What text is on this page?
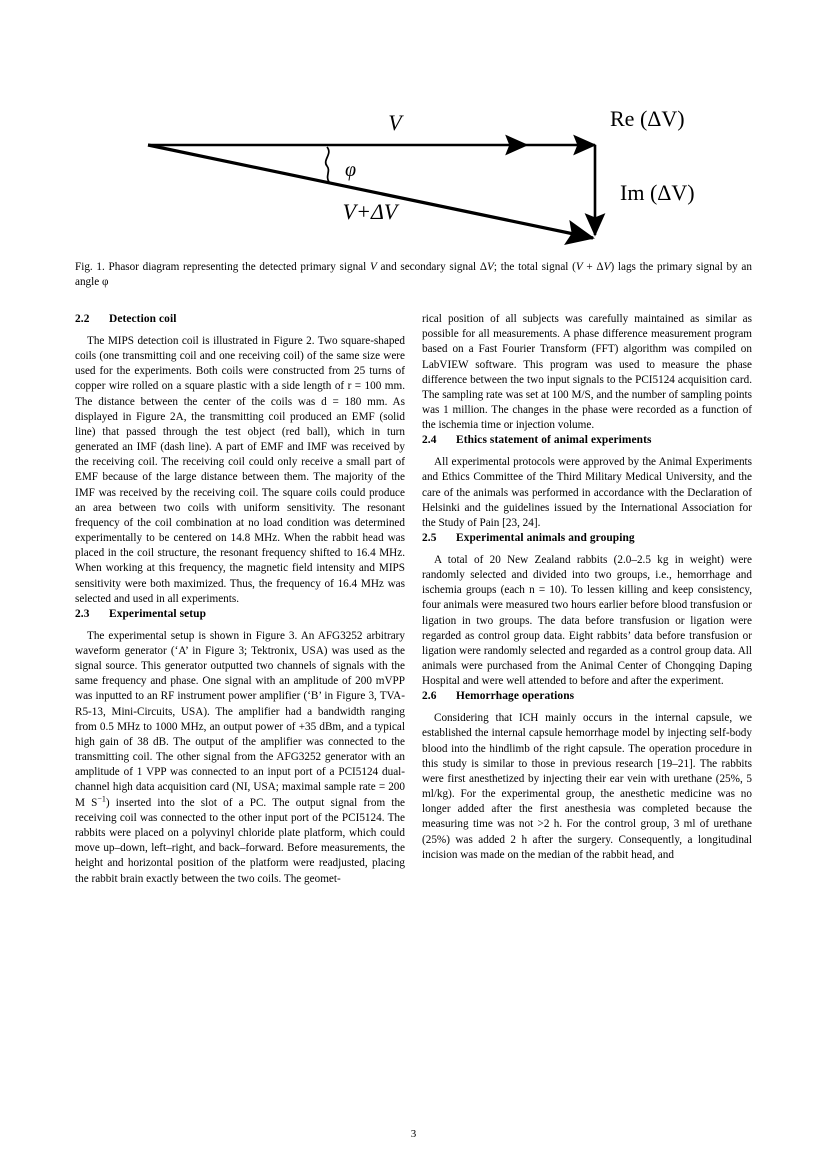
V	Re (ΔV)
Im (ΔV)
V+ΔV
φ
Fig. 1. Phasor diagram representing the detected primary signal V and secondary signal ΔV; the total signal (V + ΔV) lags the primary signal by an angle φ
2.2 Detection coil

The MIPS detection coil is illustrated in Figure 2. Two square-shaped coils (one transmitting coil and one receiving coil) of the same size were used for the experiments. Both coils were constructed from 25 turns of copper wire rolled on a square plastic with a side length of r = 100 mm. The distance between the center of the coils was d = 180 mm. As displayed in Figure 2A, the transmitting coil produced an EMF (solid line) that passed through the test object (red ball), which in turn generated an IMF (dash line). A part of EMF and IMF was received by the receiving coil. The receiving coil could only receive a small part of EMF because of the large distance between them. The majority of the IMF was received by the receiving coil. The square coils could produce an area between two coils with uniform sensitivity. The resonant frequency of the coil combination at no load condition was determined experimentally to be centered on 14.8 MHz. When the rabbit head was placed in the coil structure, the resonant frequency shifted to 16.4 MHz. When working at this frequency, the magnetic field intensity and MIPS sensitivity were both maximized. Thus, the frequency of 16.4 MHz was selected and used in all experiments.

2.3 Experimental setup

The experimental setup is shown in Figure 3. An AFG3252 arbitrary waveform generator (‘A’ in Figure 3; Tektronix, USA) was used as the signal source. This generator outputted two channels of signals with the same frequency and phase. One signal with an amplitude of 200 mVPP was inputted to an RF instrument power amplifier (‘B’ in Figure 3, TVA-R5-13, Mini-Circuits, USA). The amplifier had a bandwidth ranging from 0.5 MHz to 1000 MHz, an output power of +35 dBm, and a typical high gain of 38 dB. The output of the amplifier was connected to the transmitting coil. The other signal from the AFG3252 generator with an amplitude of 1 VPP was connected to an input port of a PCI5124 dual-channel high data acquisition card (NI, USA; maximal sample rate = 200 M $S^{-1}$) inserted into the slot of a PC. The output signal from the receiving coil was connected to the other input port of the PCI5124. The rabbits were placed on a polyvinyl chloride plate platform, which could move up–down, left–right, and back–forward. Before measurements, the height and horizontal position of the platform were readjusted, placing the rabbit brain exactly between the two coils. The geomet-

rical position of all subjects was carefully maintained as similar as possible for all measurements. A phase difference measurement program based on a Fast Fourier Transform (FFT) algorithm was compiled on LabVIEW software. This program was used to measure the phase difference between the two input signals to the PCI5124 acquisition card. The sampling rate was set at 100 M/S, and the number of sampling points was 1 million. The changes in the phase were recorded as a function of the ischemia time or injection volume.

2.4 Ethics statement of animal experiments

All experimental protocols were approved by the Animal Experiments and Ethics Committee of the Third Military Medical University, and the care of the animals was performed in accordance with the Declaration of Helsinki and the guidelines issued by the International Association for the Study of Pain [23, 24].

2.5 Experimental animals and grouping

A total of 20 New Zealand rabbits (2.0–2.5 kg in weight) were randomly selected and divided into two groups, i.e., hemorrhage and ischemia groups (each n = 10). To lessen killing and keep consistency, four animals were measured two hours earlier before blood transfusion or ligation in two groups. The data before transfusion or ligation were regarded as control group data. Eight rabbits’ data before transfusion or ligation were randomly selected and regarded as a control group data. All animals were purchased from the Animal Center of Chongqing Daping Hospital and were well attended to before and after the experiment.

2.6 Hemorrhage operations

Considering that ICH mainly occurs in the internal capsule, we established the internal capsule hemorrhage model by injecting self-body blood into the hindlimb of the right capsule. The operation procedure in this study is similar to those in previous research [19–21]. The rabbits were first anesthetized by injecting their ear vein with urethane (25%, 5 ml/kg). For the experimental group, the anesthetic medicine was no longer added after the first anesthesia was completed because the measuring time was not >2 h. For the control group, 3 ml of urethane (25%) was added 2 h after the surgery. Consequently, a longitudinal incision was made on the median of the rabbit head, and

3
